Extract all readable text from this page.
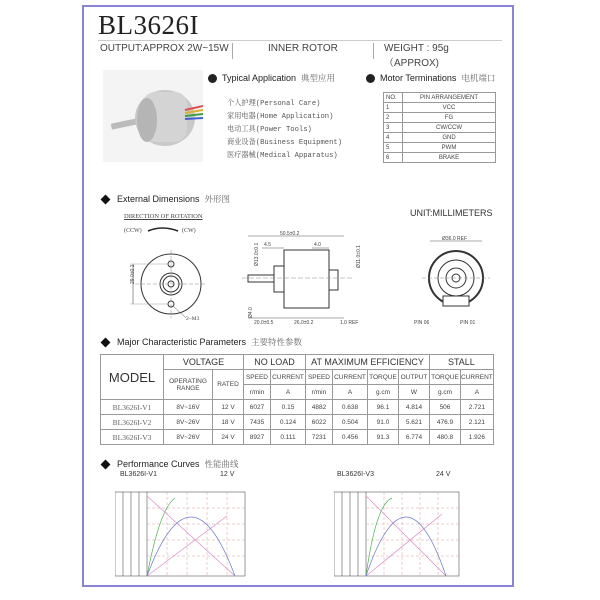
BL3626I
OUTPUT:APPROX 2W~15W	INNER ROTOR	WEIGHT : 95g （APPROX)
Typical Application 典型应用
个人护理(Personal Care)
家用电器(Home Application)
电动工具(Power Tools)
商业设备(Business Equipment)
医疗器械(Medical Apparatus)
Motor Terminations 电机端口
NO.	PIN ARRANGEMENT
1	VCC
2	FG
3	CW/CCW
4	GND
5	PWM
6	BRAKE
External Dimensions 外形图
UNIT:MILLIMETERS
DIRECTION OF ROTATION
(CCW)	(CW)
29.0±0.1
2~M3
50.5±0.2
4.5	4.0
Ø13.0±0.1	Ø11.0±0.1
Ø4.0
20.0±0.5	26.0±0.2	1.0 REF
Ø36.0 REF
PIN 06	PIN 01
Major Characteristic Parameters 主要特性参数
MODEL	VOLTAGE		NO LOAD		AT MAXIMUM EFFICIENCY				STALL	
	OPERATING RANGE	RATED	SPEED	CURRENT	SPEED	CURRENT	TORQUE	OUTPUT	TORQUE	CURRENT
			r/min	A	r/min	A	g.cm	W	g.cm	A
BL3626I-V1	8V~16V	12 V	6027	0.15	4882	0.638	96.1	4.814	506	2.721
BL3626I-V2	8V~26V	18 V	7435	0.124	6022	0.504	91.0	5.621	476.9	2.121
BL3626I-V3	8V~26V	24 V	8927	0.111	7231	0.456	91.3	6.774	480.8	1.926
Performance Curves 性能曲线
BL3626I-V1	12 V	BL3626I-V3	24 V
